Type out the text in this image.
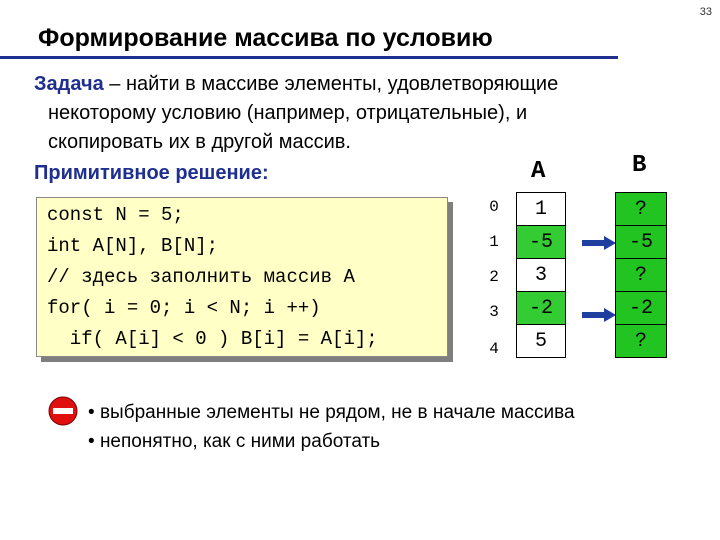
33
Формирование массива по условию
Задача – найти в массиве элементы, удовлетворяющие
некоторому условию (например, отрицательные), и
скопировать их в другой массив.
Примитивное решение:
const N = 5;
int A[N], B[N];
// здесь заполнить массив A
for( i = 0; i < N; i ++)
if( A[i] < 0 ) B[i] = A[i];
A	B
0
1
2
3
4
1
-5
3
-2
5
?
-5
?
-2
?
• выбранные элементы не рядом, не в начале массива
• непонятно, как с ними работать
